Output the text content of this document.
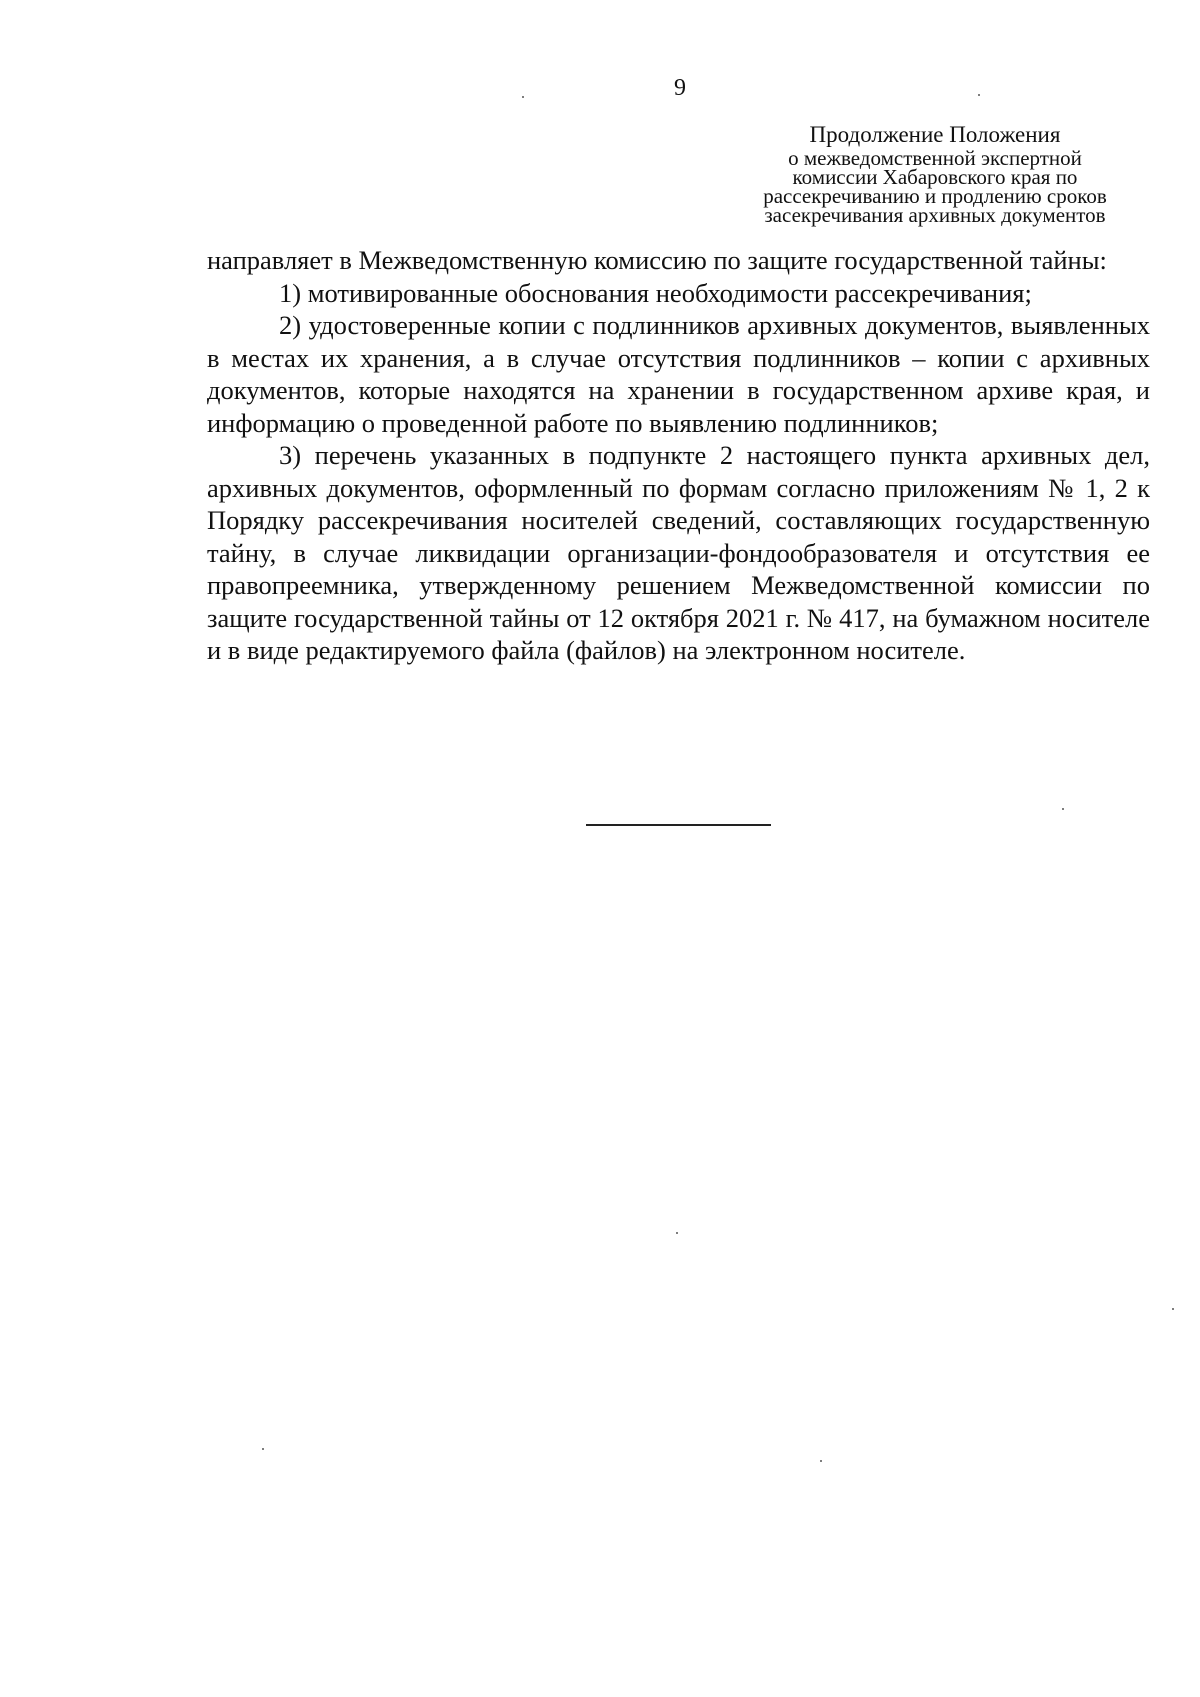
9
Продолжение Положения
о межведомственной экспертной
комиссии Хабаровского края по
рассекречиванию и продлению сроков
засекречивания архивных документов

направляет в Межведомственную комиссию по защите государственной тайны:

1) мотивированные обоснования необходимости рассекречивания;

2) удостоверенные копии с подлинников архивных документов, выявленных в местах их хранения, а в случае отсутствия подлинников – копии с архивных документов, которые находятся на хранении в государственном архиве края, и информацию о проведенной работе по выявлению подлинников;

3) перечень указанных в подпункте 2 настоящего пункта архивных дел, архивных документов, оформленный по формам согласно приложениям № 1, 2 к Порядку рассекречивания носителей сведений, составляющих государственную тайну, в случае ликвидации организации-фондообразователя и отсутствия ее правопреемника, утвержденному решением Межведомственной комиссии по защите государственной тайны от 12 октября 2021 г. № 417, на бумажном носителе и в виде редактируемого файла (файлов) на электронном носителе.
